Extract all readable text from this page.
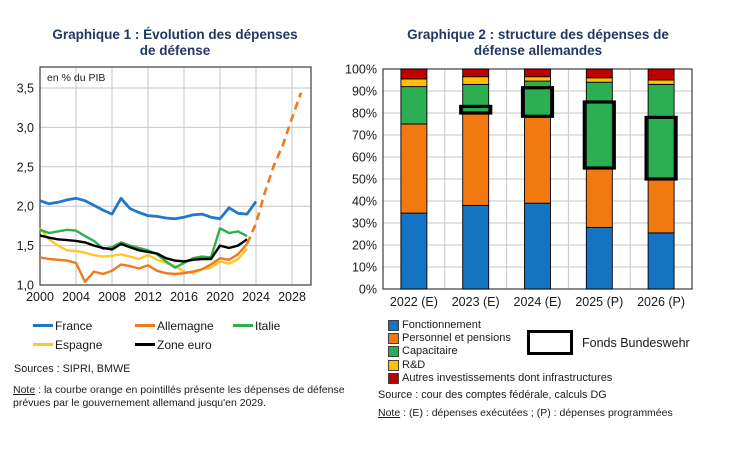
Graphique 1 : Évolution des dépenses
de défense
1,0
1,5
2,0
2,5
3,0
3,5
2000 2004 2008 2012 2016 2020 2024 2028
en % du PIB
France	Allemagne	Italie
Espagne	Zone euro
Sources : SIPRI, BMWE
Note : la courbe orange en pointillés présente les dépenses de défense prévues par le gouvernement allemand jusqu'en 2029.
Graphique 2 : structure des dépenses de
défense allemandes
2022 (E) 2023 (E) 2024 (E) 2025 (P) 2026 (P)
0%
10%
20%
30%
40%
50%
60%
70%
80%
90%
100%
Fonctionnement
Personnel et pensions
Capacitaire
R&D
Autres investissements dont infrastructures
Fonds Bundeswehr
Source : cour des comptes fédérale, calculs DG
Note : (E) : dépenses exécutées ; (P) : dépenses programmées
